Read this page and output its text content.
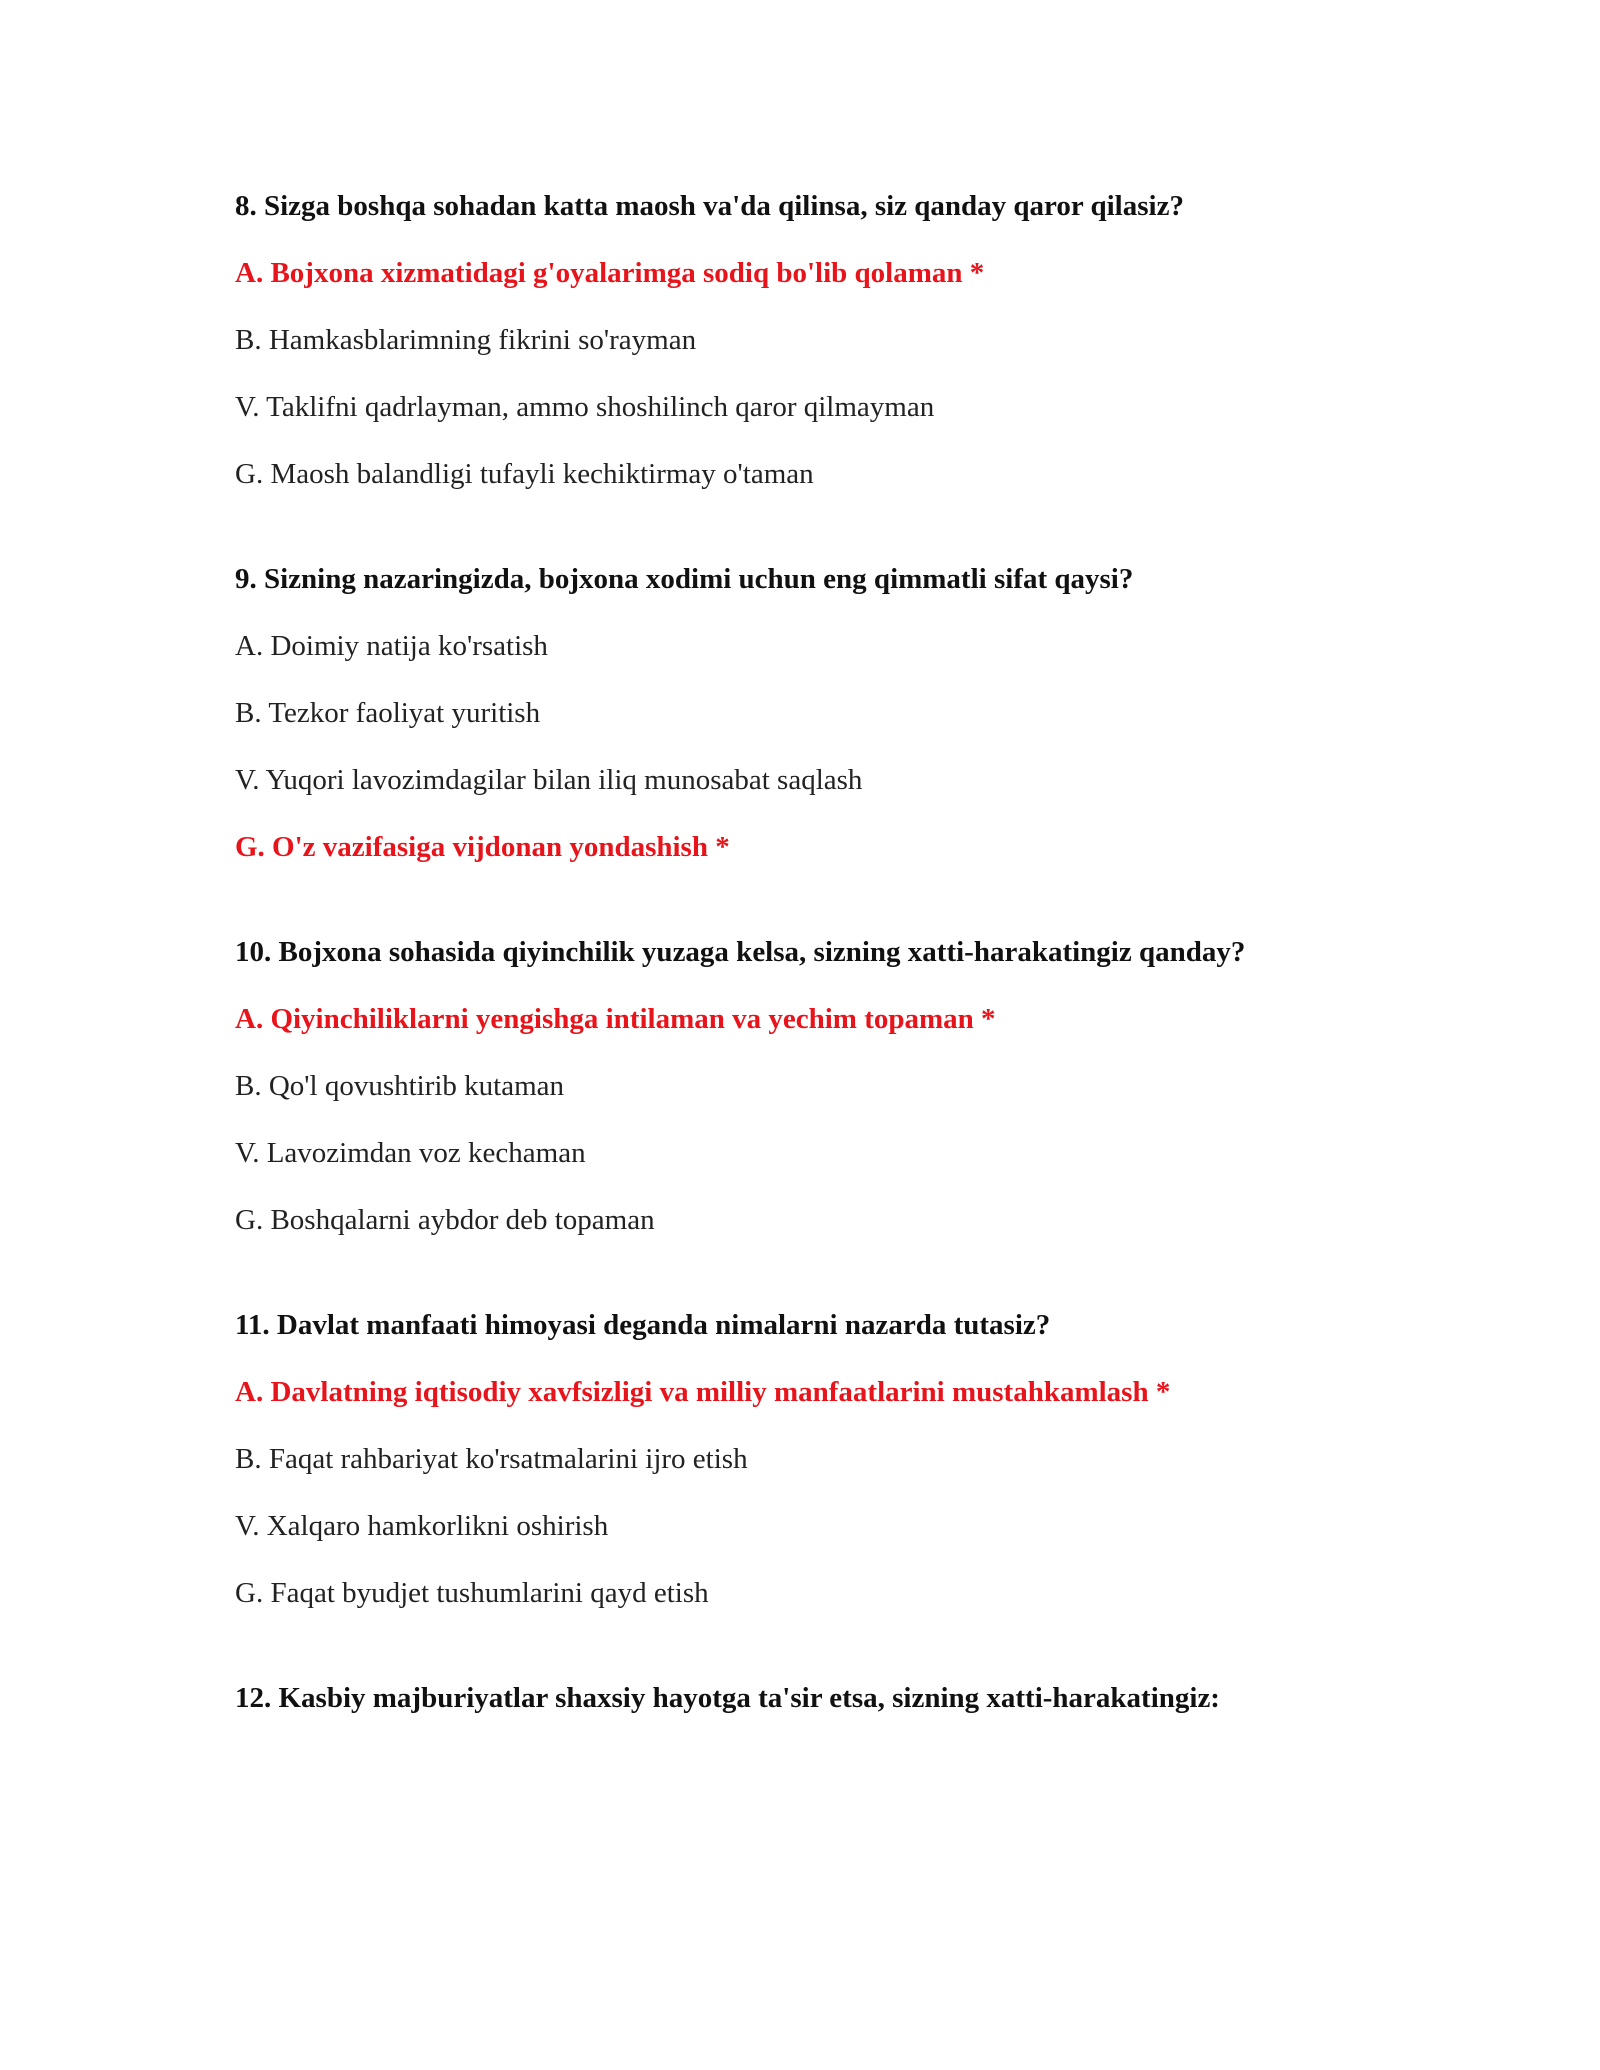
8. Sizga boshqa sohadan katta maosh va'da qilinsa, siz qanday qaror qilasiz?
A. Bojxona xizmatidagi g'oyalarimga sodiq bo'lib qolaman *
B. Hamkasblarimning fikrini so'rayman
V. Taklifni qadrlayman, ammo shoshilinch qaror qilmayman
G. Maosh balandligi tufayli kechiktirmay o'taman
9. Sizning nazaringizda, bojxona xodimi uchun eng qimmatli sifat qaysi?
A. Doimiy natija ko'rsatish
B. Tezkor faoliyat yuritish
V. Yuqori lavozimdagilar bilan iliq munosabat saqlash
G. O'z vazifasiga vijdonan yondashish *
10. Bojxona sohasida qiyinchilik yuzaga kelsa, sizning xatti-harakatingiz qanday?
A. Qiyinchiliklarni yengishga intilaman va yechim topaman *
B. Qo'l qovushtirib kutaman
V. Lavozimdan voz kechaman
G. Boshqalarni aybdor deb topaman
11. Davlat manfaati himoyasi deganda nimalarni nazarda tutasiz?
A. Davlatning iqtisodiy xavfsizligi va milliy manfaatlarini mustahkamlash *
B. Faqat rahbariyat ko'rsatmalarini ijro etish
V. Xalqaro hamkorlikni oshirish
G. Faqat byudjet tushumlarini qayd etish
12. Kasbiy majburiyatlar shaxsiy hayotga ta'sir etsa, sizning xatti-harakatingiz:
